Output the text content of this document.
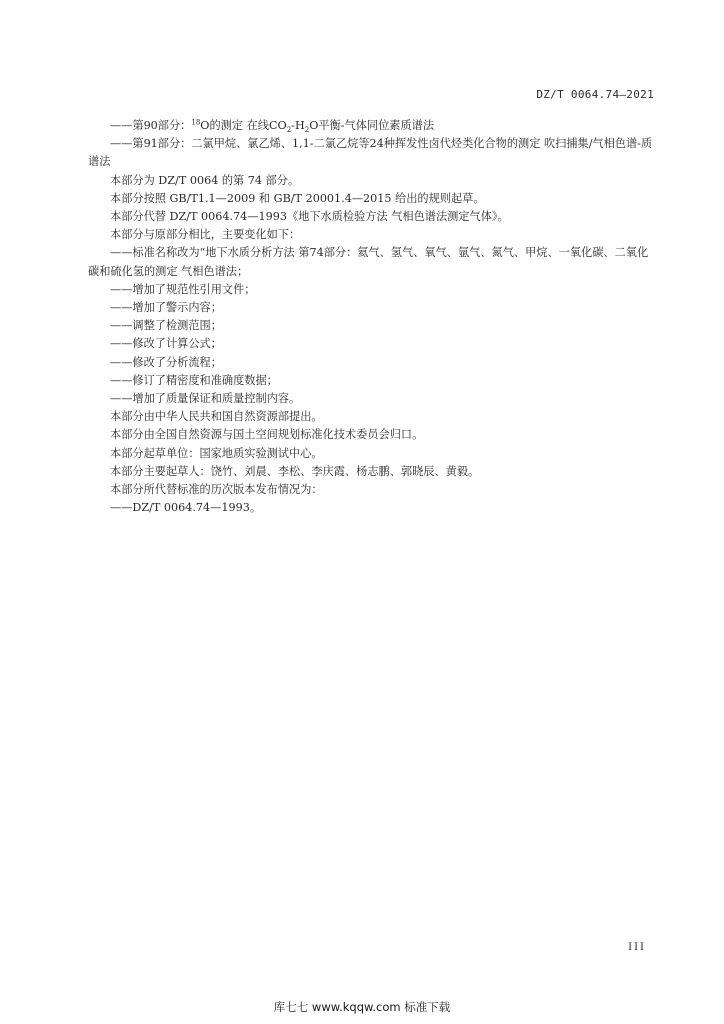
DZ/T 0064.74—2021

——第90部分：$^{18}$O的测定 在线$CO_2-H_2O$平衡-气体同位素质谱法

——第91部分：二氯甲烷、氯乙烯、1,1-二氯乙烷等24种挥发性卤代烃类化合物的测定 吹扫捕集/气相色谱-质谱法

本部分为 DZ/T 0064 的第 74 部分。

本部分按照 GB/T1.1—2009 和 GB/T 20001.4—2015 给出的规则起草。

本部分代替 DZ/T 0064.74—1993《地下水质检验方法 气相色谱法测定气体》。

本部分与原部分相比，主要变化如下：

——标准名称改为“地下水质分析方法 第74部分：氦气、氢气、氧气、氩气、氮气、甲烷、一氧化碳、二氧化碳和硫化氢的测定 气相色谱法；

——增加了规范性引用文件；

——增加了警示内容；

——调整了检测范围；

——修改了计算公式；

——修改了分析流程；

——修订了精密度和准确度数据；

——增加了质量保证和质量控制内容。

本部分由中华人民共和国自然资源部提出。

本部分由全国自然资源与国土空间规划标准化技术委员会归口。

本部分起草单位：国家地质实验测试中心。

本部分主要起草人：饶竹、刘晨、李松、李庆霞、杨志鹏、郭晓辰、黄毅。

本部分所代替标准的历次版本发布情况为：

——DZ/T 0064.74—1993。

III
库七七 www.kqqw.com 标准下载
